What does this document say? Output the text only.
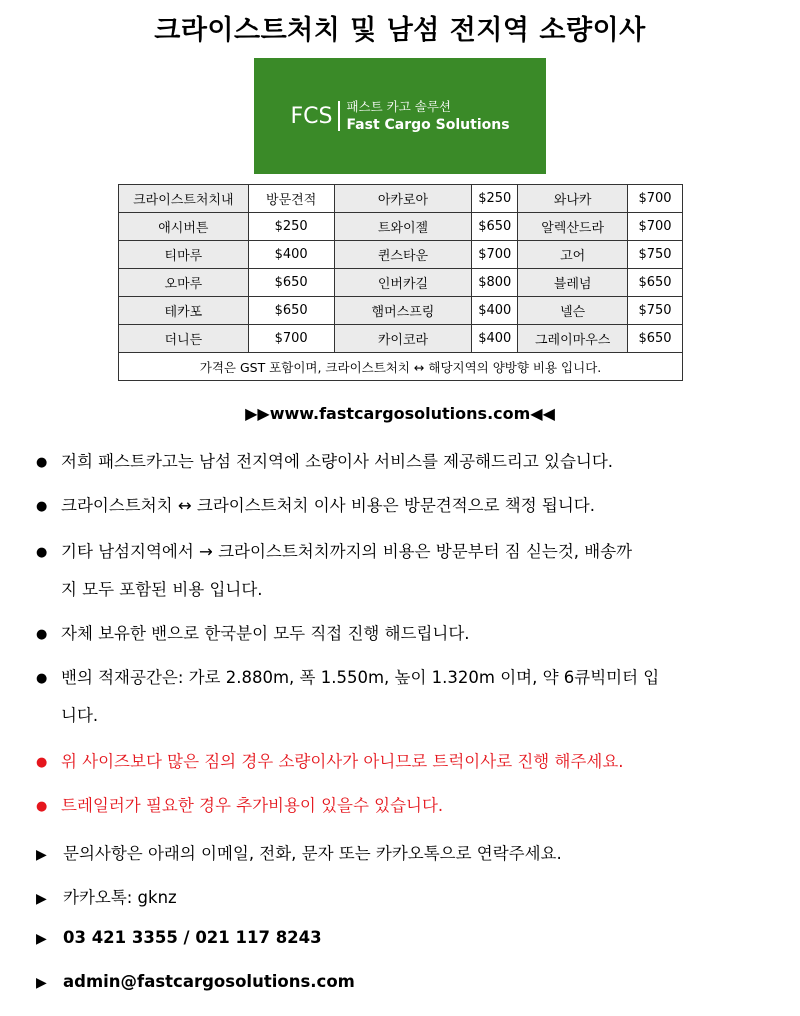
크라이스트처치 및 남섬 전지역 소량이사
FCS 패스트 카고 솔루션
Fast Cargo Solutions
크라이스트처치내	방문견적	아카로아	$250	와나카	$700
애시버튼	$250	트와이젤	$650	알렉산드라	$700
티마루	$400	퀸스타운	$700	고어	$750
오마루	$650	인버카길	$800	블레넘	$650
테카포	$650	햄머스프링	$400	넬슨	$750
더니든	$700	카이코라	$400	그레이마우스	$650
가격은 GST 포함이며, 크라이스트처치 ↔ 해당지역의 양방향 비용 입니다.					
▶▶www.fastcargosolutions.com◀◀
● 저희 패스트카고는 남섬 전지역에 소량이사 서비스를 제공해드리고 있습니다.
● 크라이스트처치 ↔ 크라이스트처치 이사 비용은 방문견적으로 책정 됩니다.
● 기타 남섬지역에서 → 크라이스트처치까지의 비용은 방문부터 짐 싣는것, 배송까
지 모두 포함된 비용 입니다.
● 자체 보유한 밴으로 한국분이 모두 직접 진행 해드립니다.
● 밴의 적재공간은: 가로 2.880m, 폭 1.550m, 높이 1.320m 이며, 약 6큐빅미터 입
니다.
● 위 사이즈보다 많은 짐의 경우 소량이사가 아니므로 트럭이사로 진행 해주세요.
● 트레일러가 필요한 경우 추가비용이 있을수 있습니다.
▶ 문의사항은 아래의 이메일, 전화, 문자 또는 카카오톡으로 연락주세요.
▶ 카카오톡: gknz
▶ 03 421 3355 / 021 117 8243
▶ admin@fastcargosolutions.com
